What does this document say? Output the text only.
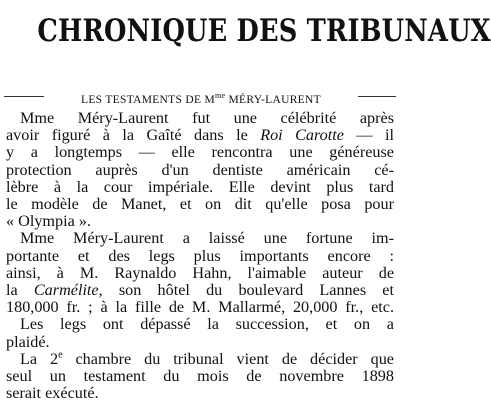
CHRONIQUE DES TRIBUNAUX
LES TESTAMENTS DE $M^{me}$ MÉRY-LAURENT
Mme Méry-Laurent fut une célébrité après
avoir figuré à la Gaîté dans le Roi Carotte — il
y a longtemps — elle rencontra une généreuse
protection auprès d'un dentiste américain cé-
lèbre à la cour impériale. Elle devint plus tard
le modèle de Manet, et on dit qu'elle posa pour
« Olympia ».
Mme Méry-Laurent a laissé une fortune im-
portante et des legs plus importants encore :
ainsi, à M. Raynaldo Hahn, l'aimable auteur de
la Carmélite, son hôtel du boulevard Lannes et
180,000 fr. ; à la fille de M. Mallarmé, 20,000 fr., etc.
Les legs ont dépassé la succession, et on a
plaidé.
La 2e chambre du tribunal vient de décider que
seul un testament du mois de novembre 1898
serait exécuté.
